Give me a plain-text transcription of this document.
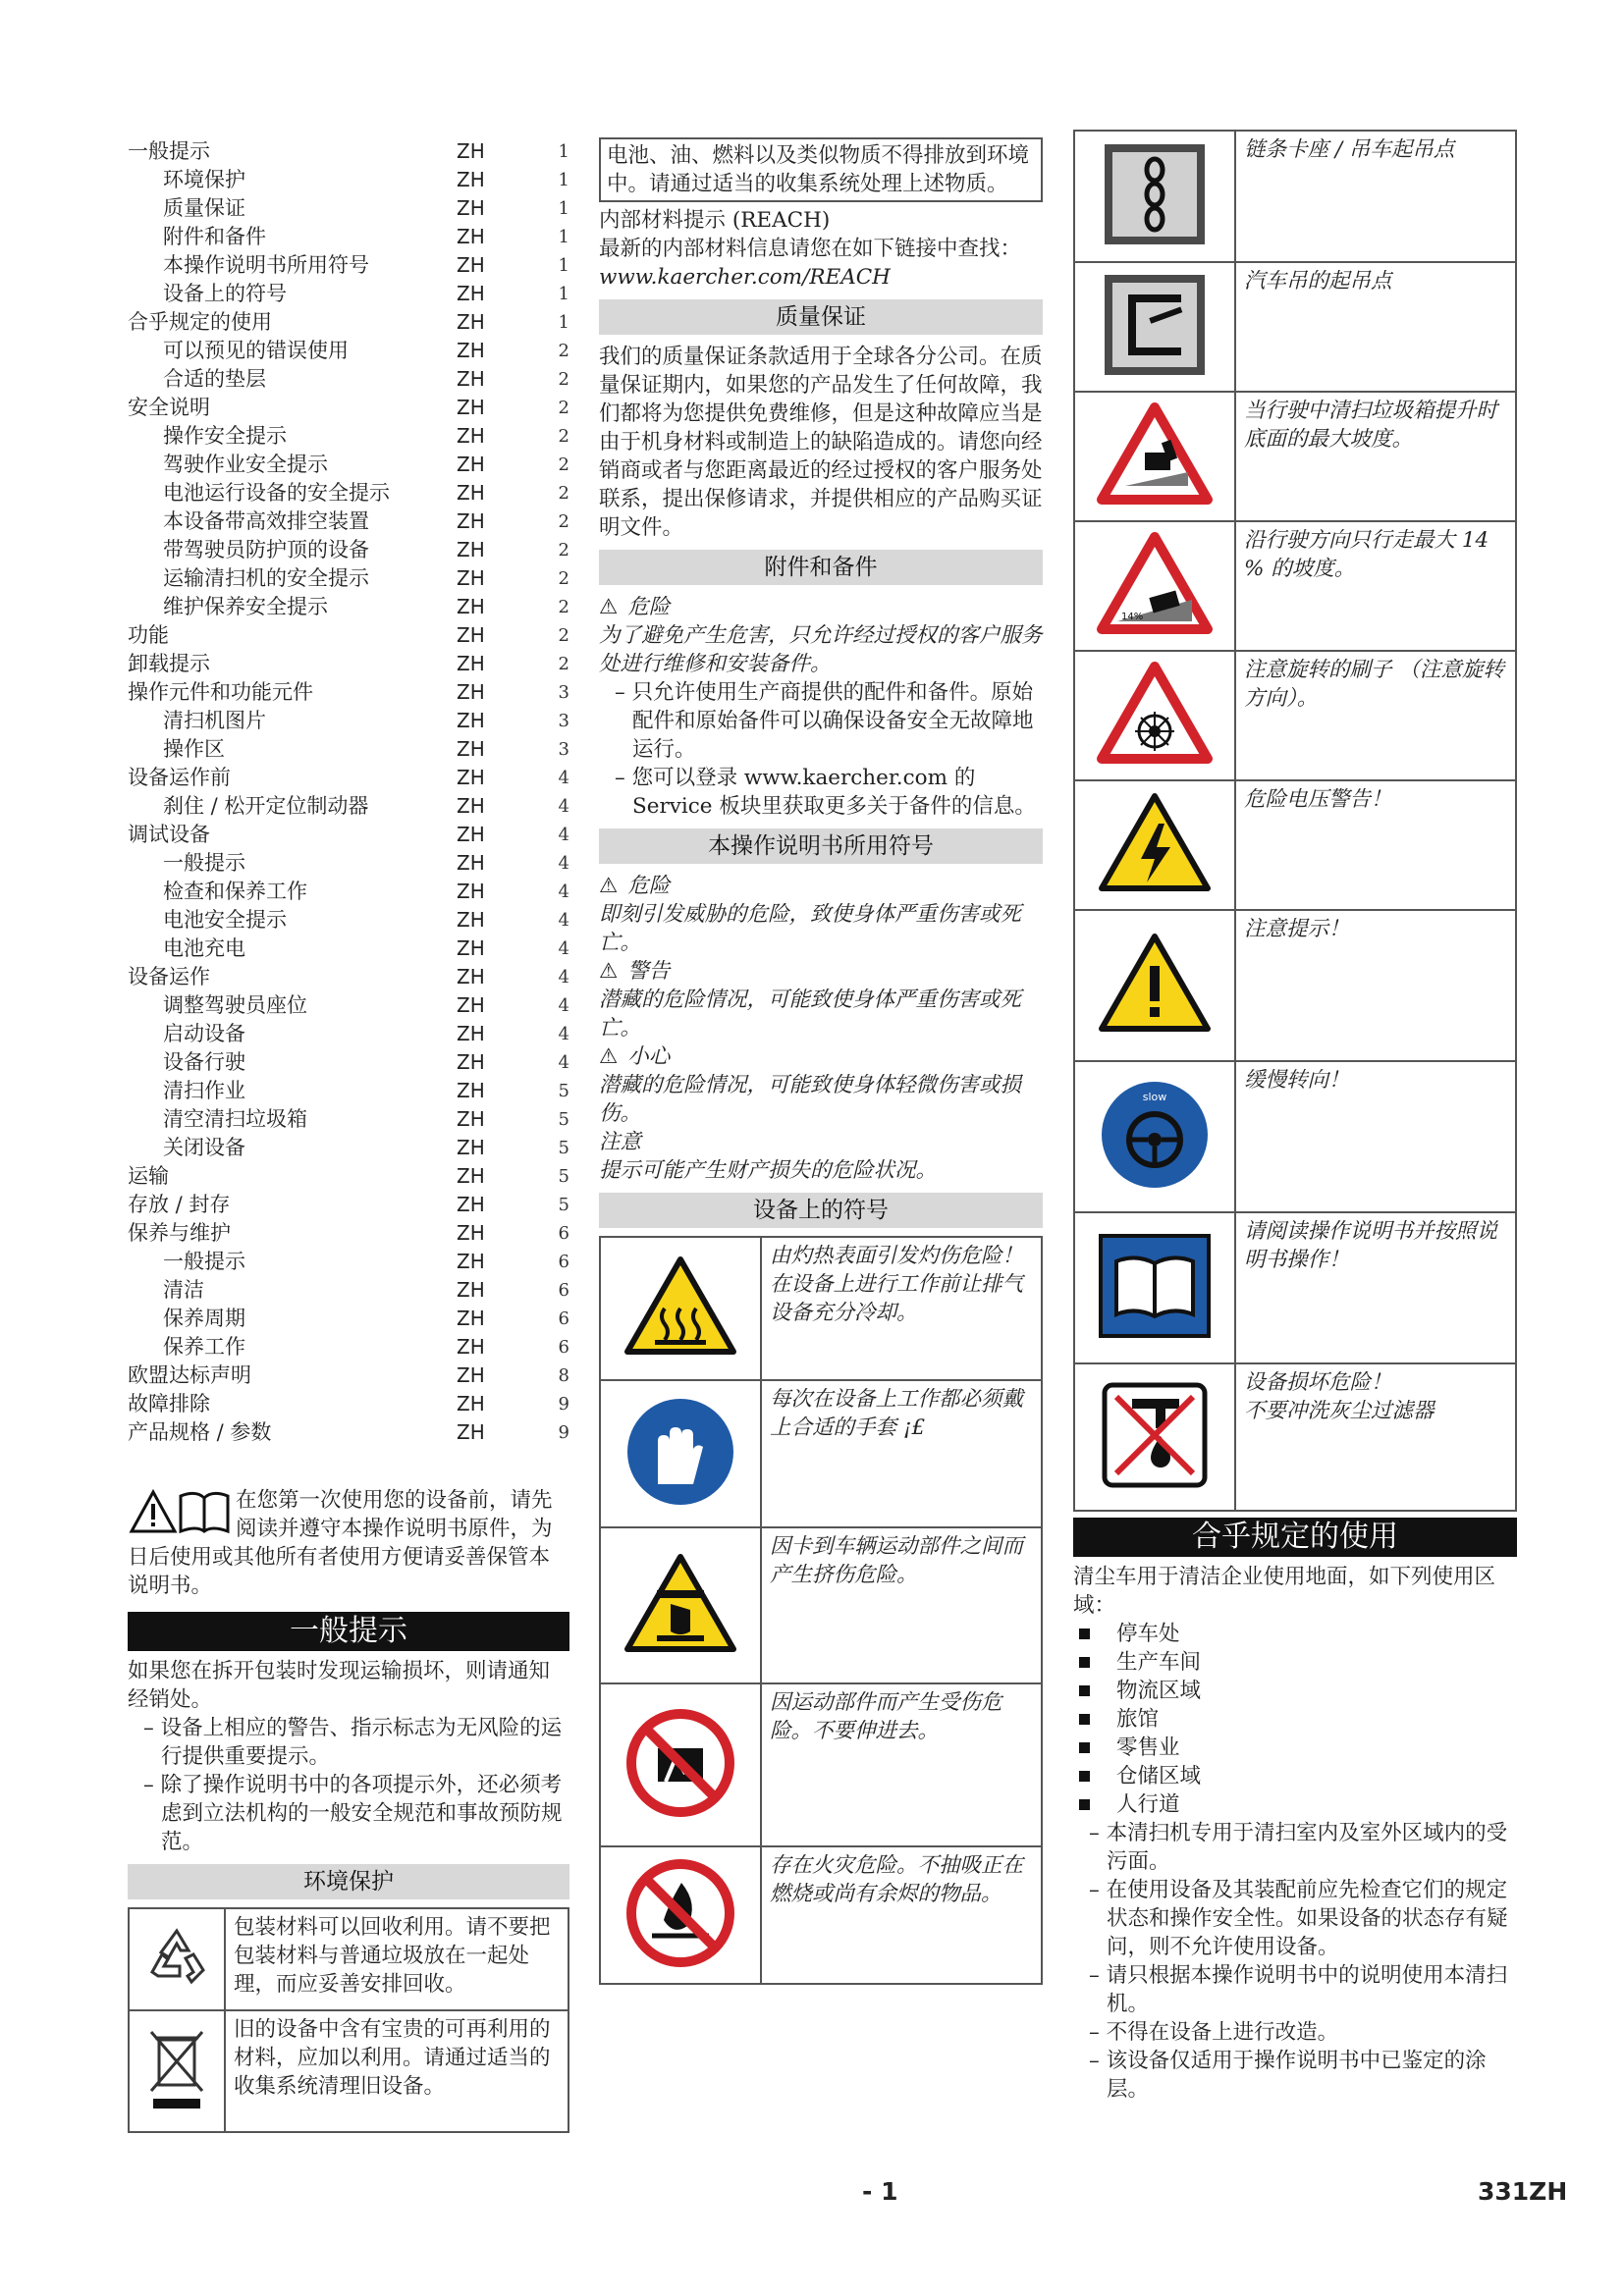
一般提示	ZH	1
环境保护	ZH	1
质量保证	ZH	1
附件和备件	ZH	1
本操作说明书所用符号	ZH	1
设备上的符号	ZH	1
合乎规定的使用	ZH	1
可以预见的错误使用	ZH	2
合适的垫层	ZH	2
安全说明	ZH	2
操作安全提示	ZH	2
驾驶作业安全提示	ZH	2
电池运行设备的安全提示	ZH	2
本设备带高效排空装置	ZH	2
带驾驶员防护顶的设备	ZH	2
运输清扫机的安全提示	ZH	2
维护保养安全提示	ZH	2
功能	ZH	2
卸载提示	ZH	2
操作元件和功能元件	ZH	3
清扫机图片	ZH	3
操作区	ZH	3
设备运作前	ZH	4
刹住 / 松开定位制动器	ZH	4
调试设备	ZH	4
一般提示	ZH	4
检查和保养工作	ZH	4
电池安全提示	ZH	4
电池充电	ZH	4
设备运作	ZH	4
调整驾驶员座位	ZH	4
启动设备	ZH	4
设备行驶	ZH	4
清扫作业	ZH	5
清空清扫垃圾箱	ZH	5
关闭设备	ZH	5
运输	ZH	5
存放 / 封存	ZH	5
保养与维护	ZH	6
一般提示	ZH	6
清洁	ZH	6
保养周期	ZH	6
保养工作	ZH	6
欧盟达标声明	ZH	8
故障排除	ZH	9
产品规格 / 参数	ZH	9
在您第一次使用您的设备前，请先阅读并遵守本操作说明书原件，为日后使用或其他所有者使用方便请妥善保管本说明书。
一般提示
如果您在拆开包装时发现运输损坏，则请通知经销处。
– 设备上相应的警告、指示标志为无风险的运行提供重要提示。
– 除了操作说明书中的各项提示外，还必须考虑到立法机构的一般安全规范和事故预防规范。
环境保护
	包装材料可以回收利用。请不要把包装材料与普通垃圾放在一起处理，而应妥善安排回收。
	旧的设备中含有宝贵的可再利用的材料，应加以利用。请通过适当的收集系统清理旧设备。
电池、油、燃料以及类似物质不得排放到环境中。请通过适当的收集系统处理上述物质。
内部材料提示 (REACH)
最新的内部材料信息请您在如下链接中查找：
www.kaercher.com/REACH
质量保证
我们的质量保证条款适用于全球各分公司。在质量保证期内，如果您的产品发生了任何故障，我们都将为您提供免费维修，但是这种故障应当是由于机身材料或制造上的缺陷造成的。请您向经销商或者与您距离最近的经过授权的客户服务处联系，提出保修请求，并提供相应的产品购买证明文件。
附件和备件
⚠ 危险
为了避免产生危害，只允许经过授权的客户服务处进行维修和安装备件。
– 只允许使用生产商提供的配件和备件。原始配件和原始备件可以确保设备安全无故障地运行。
– 您可以登录 www.kaercher.com 的 Service 板块里获取更多关于备件的信息。
本操作说明书所用符号
⚠ 危险
即刻引发威胁的危险，致使身体严重伤害或死亡。
⚠ 警告
潜藏的危险情况，可能致使身体严重伤害或死亡。
⚠ 小心
潜藏的危险情况，可能致使身体轻微伤害或损伤。
注意
提示可能产生财产损失的危险状况。
设备上的符号
	由灼热表面引发灼伤危险！在设备上进行工作前让排气设备充分冷却。
	每次在设备上工作都必须戴上合适的手套 ¡£
	因卡到车辆运动部件之间而产生挤伤危险。
	因运动部件而产生受伤危险。不要伸进去。
	存在火灾危险。不抽吸正在燃烧或尚有余烬的物品。
	链条卡座 / 吊车起吊点
	汽车吊的起吊点
	当行驶中清扫垃圾箱提升时底面的最大坡度。

14%	沿行驶方向只行走最大 14 % 的坡度。
	注意旋转的刷子 （注意旋转方向）。
	危险电压警告！
	注意提示！

slow	缓慢转向！
	请阅读操作说明书并按照说明书操作！
	设备损坏危险！
不要冲洗灰尘过滤器
合乎规定的使用
清尘车用于清洁企业使用地面，如下列使用区域：
停车处
生产车间
物流区域
旅馆
零售业
仓储区域
人行道
– 本清扫机专用于清扫室内及室外区域内的受污面。
– 在使用设备及其装配前应先检查它们的规定状态和操作安全性。如果设备的状态存有疑问，则不允许使用设备。
– 请只根据本操作说明书中的说明使用本清扫机。
– 不得在设备上进行改造。
– 该设备仅适用于操作说明书中已鉴定的涂层。
- 1	331ZH
